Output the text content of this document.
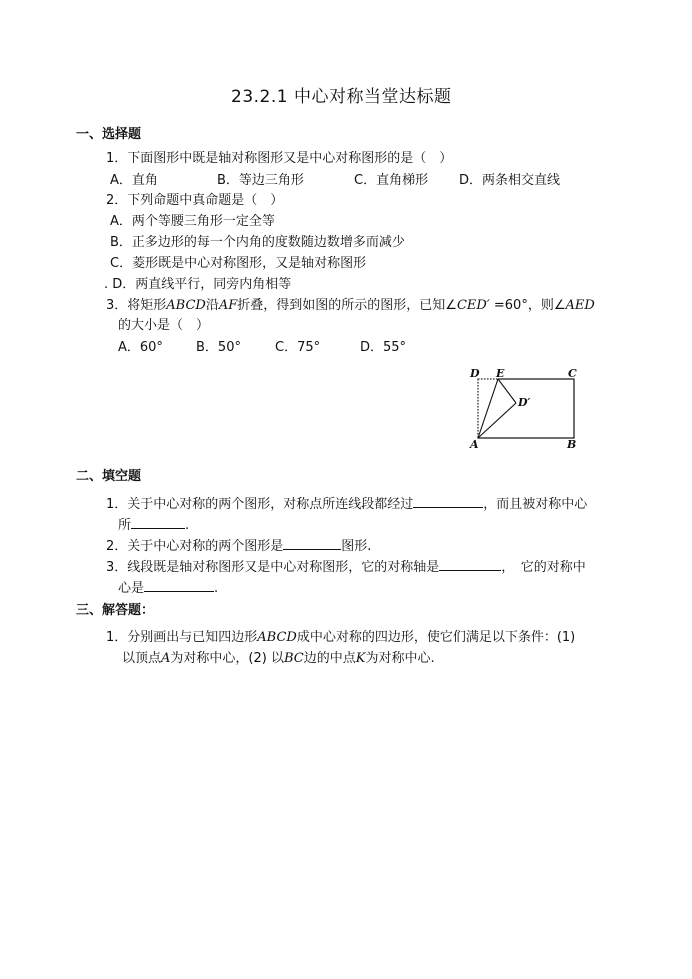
23.2.1 中心对称当堂达标题
一、选择题
1．下面图形中既是轴对称图形又是中心对称图形的是（　）
A．直角	B．等边三角形	C．直角梯形 D．两条相交直线
2．下列命题中真命题是（　）
A．两个等腰三角形一定全等
B．正多边形的每一个内角的度数随边数增多而减少
C．菱形既是中心对称图形，又是轴对称图形
. D．两直线平行，同旁内角相等
3．将矩形ABCD沿AF折叠，得到如图的所示的图形，已知∠CED′ =60°，则∠AED
的大小是（　）
A．60°	B．50°	C．75°	D．55°
D E	C
D′
A	B
二、填空题
1．关于中心对称的两个图形，对称点所连线段都经过	，而且被对称中心
所	.
2．关于中心对称的两个图形是	图形.
3．线段既是轴对称图形又是中心对称图形，它的对称轴是	，　它的对称中
心是	.
三、解答题：
1．分别画出与已知四边形ABCD成中心对称的四边形，使它们满足以下条件：(1)
以顶点A为对称中心，(2) 以BC边的中点K为对称中心.
